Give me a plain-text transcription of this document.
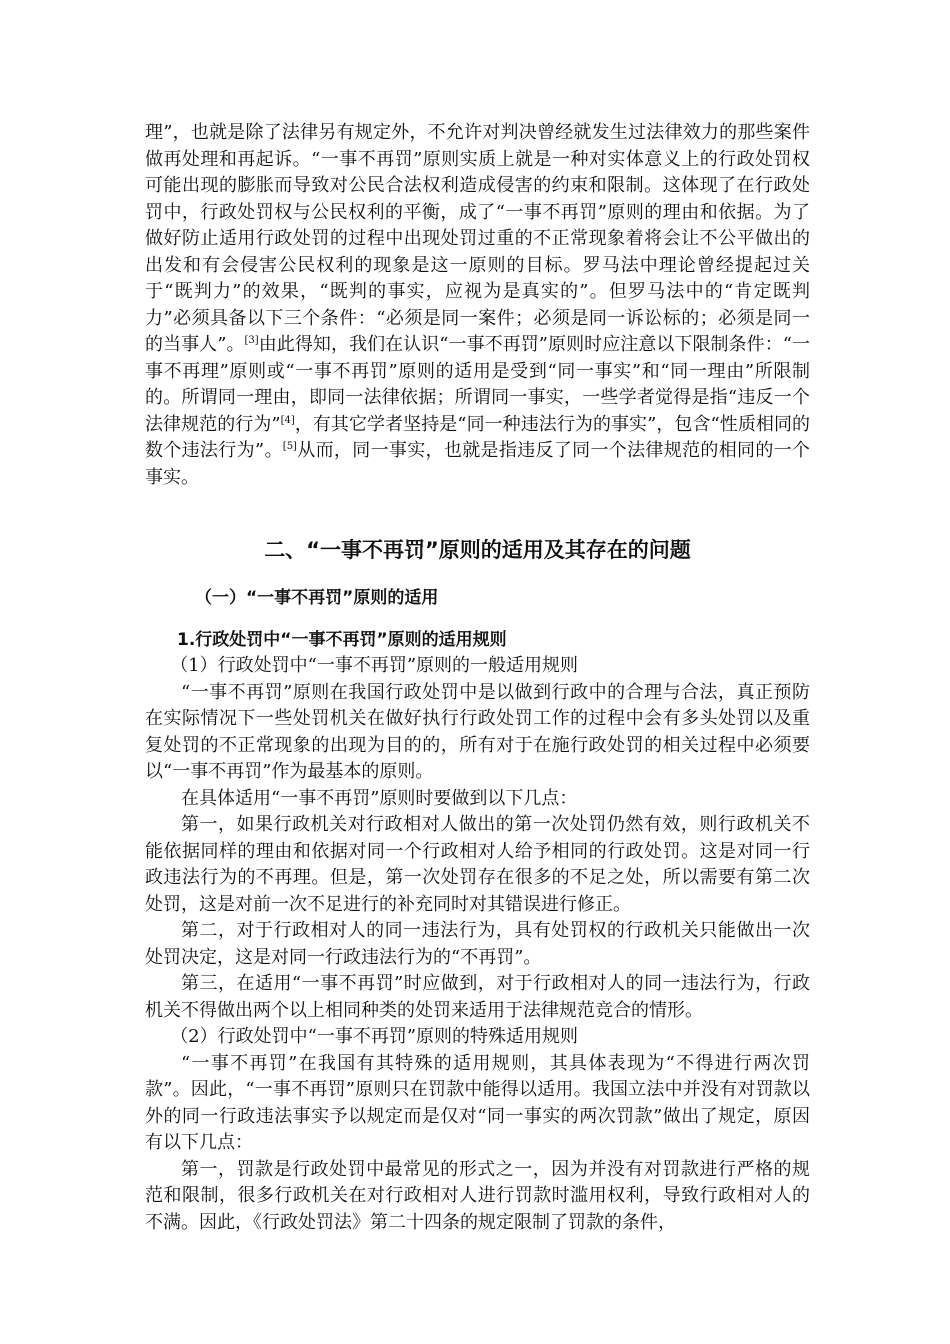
理”，也就是除了法律另有规定外，不允许对判决曾经就发生过法律效力的那些案件做再处理和再起诉。“一事不再罚”原则实质上就是一种对实体意义上的行政处罚权可能出现的膨胀而导致对公民合法权利造成侵害的约束和限制。这体现了在行政处罚中，行政处罚权与公民权利的平衡，成了“一事不再罚”原则的理由和依据。为了做好防止适用行政处罚的过程中出现处罚过重的不正常现象着将会让不公平做出的出发和有会侵害公民权利的现象是这一原则的目标。罗马法中理论曾经提起过关于“既判力”的效果，“既判的事实，应视为是真实的”。但罗马法中的“肯定既判力”必须具备以下三个条件：“必须是同一案件；必须是同一诉讼标的；必须是同一的当事人”。[3]由此得知，我们在认识“一事不再罚”原则时应注意以下限制条件：“一事不再理”原则或“一事不再罚”原则的适用是受到“同一事实”和“同一理由”所限制的。所谓同一理由，即同一法律依据；所谓同一事实，一些学者觉得是指“违反一个法律规范的行为”[4]，有其它学者坚持是“同一种违法行为的事实”，包含“性质相同的数个违法行为”。[5]从而，同一事实，也就是指违反了同一个法律规范的相同的一个事实。

二、“一事不再罚”原则的适用及其存在的问题
（一）“一事不再罚”原则的适用
1.行政处罚中“一事不再罚”原则的适用规则

（1）行政处罚中“一事不再罚”原则的一般适用规则

“一事不再罚”原则在我国行政处罚中是以做到行政中的合理与合法，真正预防在实际情况下一些处罚机关在做好执行行政处罚工作的过程中会有多头处罚以及重复处罚的不正常现象的出现为目的的，所有对于在施行政处罚的相关过程中必须要以“一事不再罚”作为最基本的原则。

在具体适用“一事不再罚”原则时要做到以下几点：

第一，如果行政机关对行政相对人做出的第一次处罚仍然有效，则行政机关不能依据同样的理由和依据对同一个行政相对人给予相同的行政处罚。这是对同一行政违法行为的不再理。但是，第一次处罚存在很多的不足之处，所以需要有第二次处罚，这是对前一次不足进行的补充同时对其错误进行修正。

第二，对于行政相对人的同一违法行为，具有处罚权的行政机关只能做出一次处罚决定，这是对同一行政违法行为的“不再罚”。

第三，在适用“一事不再罚”时应做到，对于行政相对人的同一违法行为，行政机关不得做出两个以上相同种类的处罚来适用于法律规范竞合的情形。

（2）行政处罚中“一事不再罚”原则的特殊适用规则

“一事不再罚”在我国有其特殊的适用规则，其具体表现为“不得进行两次罚款”。因此，“一事不再罚”原则只在罚款中能得以适用。我国立法中并没有对罚款以外的同一行政违法事实予以规定而是仅对“同一事实的两次罚款”做出了规定，原因有以下几点：

第一，罚款是行政处罚中最常见的形式之一，因为并没有对罚款进行严格的规范和限制，很多行政机关在对行政相对人进行罚款时滥用权利，导致行政相对人的不满。因此，《行政处罚法》第二十四条的规定限制了罚款的条件，
